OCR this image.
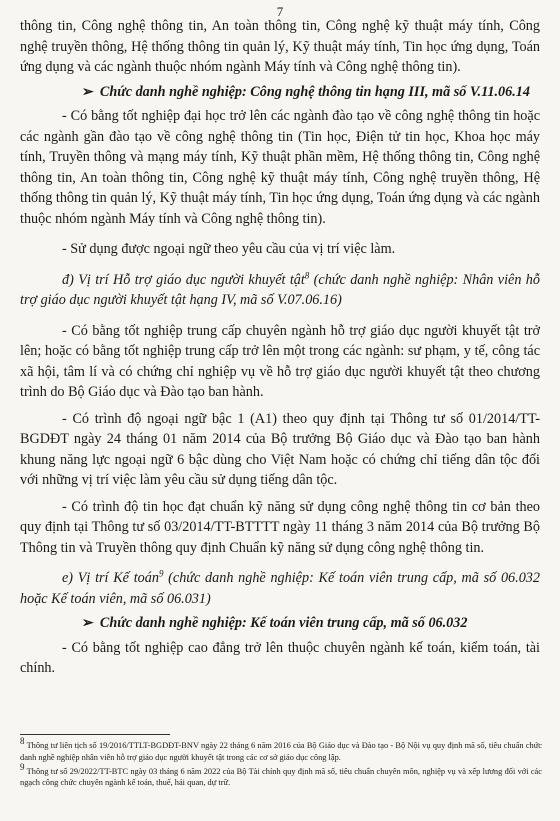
7

thông tin, Công nghệ thông tin, An toàn thông tin, Công nghệ kỹ thuật máy tính, Công nghệ truyền thông, Hệ thống thông tin quản lý, Kỹ thuật máy tính, Tin học ứng dụng, Toán ứng dụng và các ngành thuộc nhóm ngành Máy tính và Công nghệ thông tin).

➢ Chức danh nghề nghiệp: Công nghệ thông tin hạng III, mã số V.11.06.14

- Có bằng tốt nghiệp đại học trở lên các ngành đào tạo về công nghệ thông tin hoặc các ngành gần đào tạo về công nghệ thông tin (Tin học, Điện tử tin học, Khoa học máy tính, Truyền thông và mạng máy tính, Kỹ thuật phần mềm, Hệ thống thông tin, Công nghệ thông tin, An toàn thông tin, Công nghệ kỹ thuật máy tính, Công nghệ truyền thông, Hệ thống thông tin quản lý, Kỹ thuật máy tính, Tin học ứng dụng, Toán ứng dụng và các ngành thuộc nhóm ngành Máy tính và Công nghệ thông tin).

- Sử dụng được ngoại ngữ theo yêu cầu của vị trí việc làm.

đ) Vị trí Hỗ trợ giáo dục người khuyết tật$^8$ (chức danh nghề nghiệp: Nhân viên hỗ trợ giáo dục người khuyết tật hạng IV, mã số V.07.06.16)

- Có bằng tốt nghiệp trung cấp chuyên ngành hỗ trợ giáo dục người khuyết tật trở lên; hoặc có bằng tốt nghiệp trung cấp trở lên một trong các ngành: sư phạm, y tế, công tác xã hội, tâm lí và có chứng chỉ nghiệp vụ về hỗ trợ giáo dục người khuyết tật theo chương trình do Bộ Giáo dục và Đào tạo ban hành.

- Có trình độ ngoại ngữ bậc 1 (A1) theo quy định tại Thông tư số 01/2014/TT-BGDĐT ngày 24 tháng 01 năm 2014 của Bộ trưởng Bộ Giáo dục và Đào tạo ban hành khung năng lực ngoại ngữ 6 bậc dùng cho Việt Nam hoặc có chứng chỉ tiếng dân tộc đối với những vị trí việc làm yêu cầu sử dụng tiếng dân tộc.

- Có trình độ tin học đạt chuẩn kỹ năng sử dụng công nghệ thông tin cơ bản theo quy định tại Thông tư số 03/2014/TT-BTTTT ngày 11 tháng 3 năm 2014 của Bộ trưởng Bộ Thông tin và Truyền thông quy định Chuẩn kỹ năng sử dụng công nghệ thông tin.

e) Vị trí Kế toán$^9$ (chức danh nghề nghiệp: Kế toán viên trung cấp, mã số 06.032 hoặc Kế toán viên, mã số 06.031)

➢ Chức danh nghề nghiệp: Kế toán viên trung cấp, mã số 06.032

- Có bằng tốt nghiệp cao đẳng trở lên thuộc chuyên ngành kế toán, kiểm toán, tài chính.

$^8$ Thông tư liên tịch số 19/2016/TTLT-BGDĐT-BNV ngày 22 tháng 6 năm 2016 của Bộ Giáo dục và Đào tạo - Bộ Nội vụ quy định mã số, tiêu chuẩn chức danh nghề nghiệp nhân viên hỗ trợ giáo dục người khuyết tật trong các cơ sở giáo dục công lập.

$^9$ Thông tư số 29/2022/TT-BTC ngày 03 tháng 6 năm 2022 của Bộ Tài chính quy định mã số, tiêu chuẩn chuyên môn, nghiệp vụ và xếp lương đối với các ngạch công chức chuyên ngành kế toán, thuế, hải quan, dự trữ.
